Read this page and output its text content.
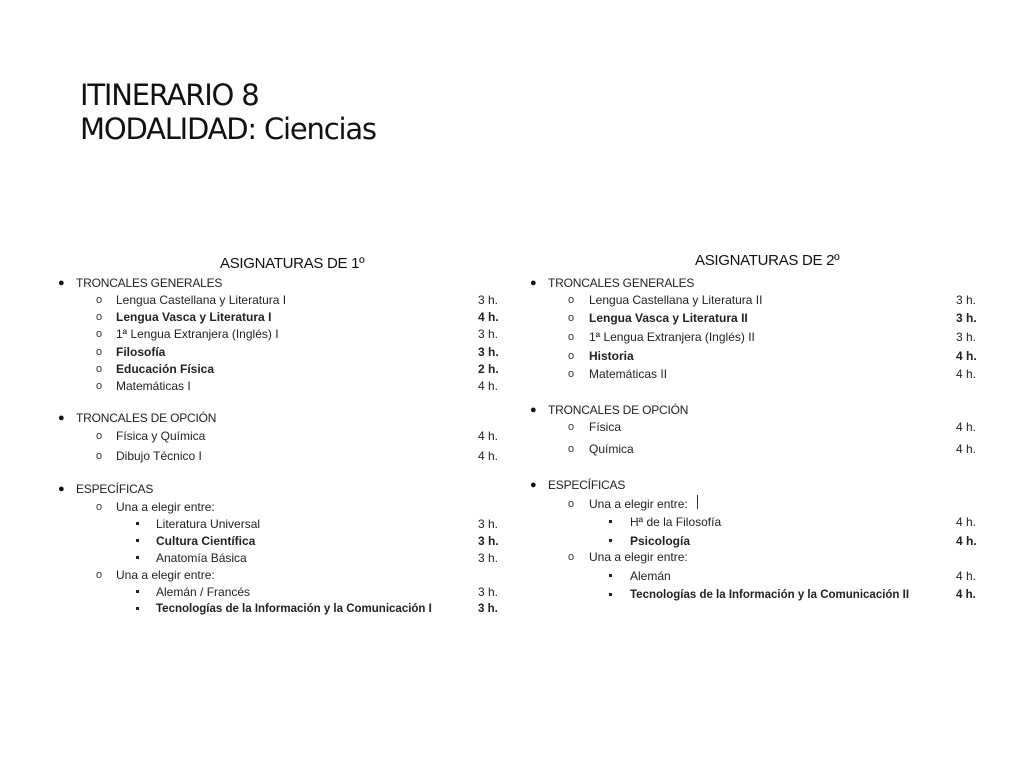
ITINERARIO 8
MODALIDAD: Ciencias
ASIGNATURAS DE 1º
● TRONCALES GENERALES
o Lengua Castellana y Literatura I	3 h.
o Lengua Vasca y Literatura I	4 h.
o 1ª Lengua Extranjera (Inglés) I	3 h.
o Filosofía	3 h.
o Educación Física	2 h.
o Matemáticas I	4 h.
● TRONCALES DE OPCIÓN
o Física y Química	4 h.
o Dibujo Técnico I	4 h.
● ESPECÍFICAS
o Una a elegir entre:
Literatura Universal	3 h.
Cultura Científica	3 h.
Anatomía Básica	3 h.
o Una a elegir entre:
Alemán / Francés	3 h.
Tecnologías de la Información y la Comunicación I	3 h.
ASIGNATURAS DE 2º
● TRONCALES GENERALES
o Lengua Castellana y Literatura II	3 h.
o Lengua Vasca y Literatura II	3 h.
o 1ª Lengua Extranjera (Inglés) II	3 h.
o Historia	4 h.
o Matemáticas II	4 h.
● TRONCALES DE OPCIÓN
o Física	4 h.
o Química	4 h.
● ESPECÍFICAS
o Una a elegir entre:
Hª de la Filosofía	4 h.
Psicología	4 h.
o Una a elegir entre:
Alemán	4 h.
Tecnologías de la Información y la Comunicación II	4 h.
